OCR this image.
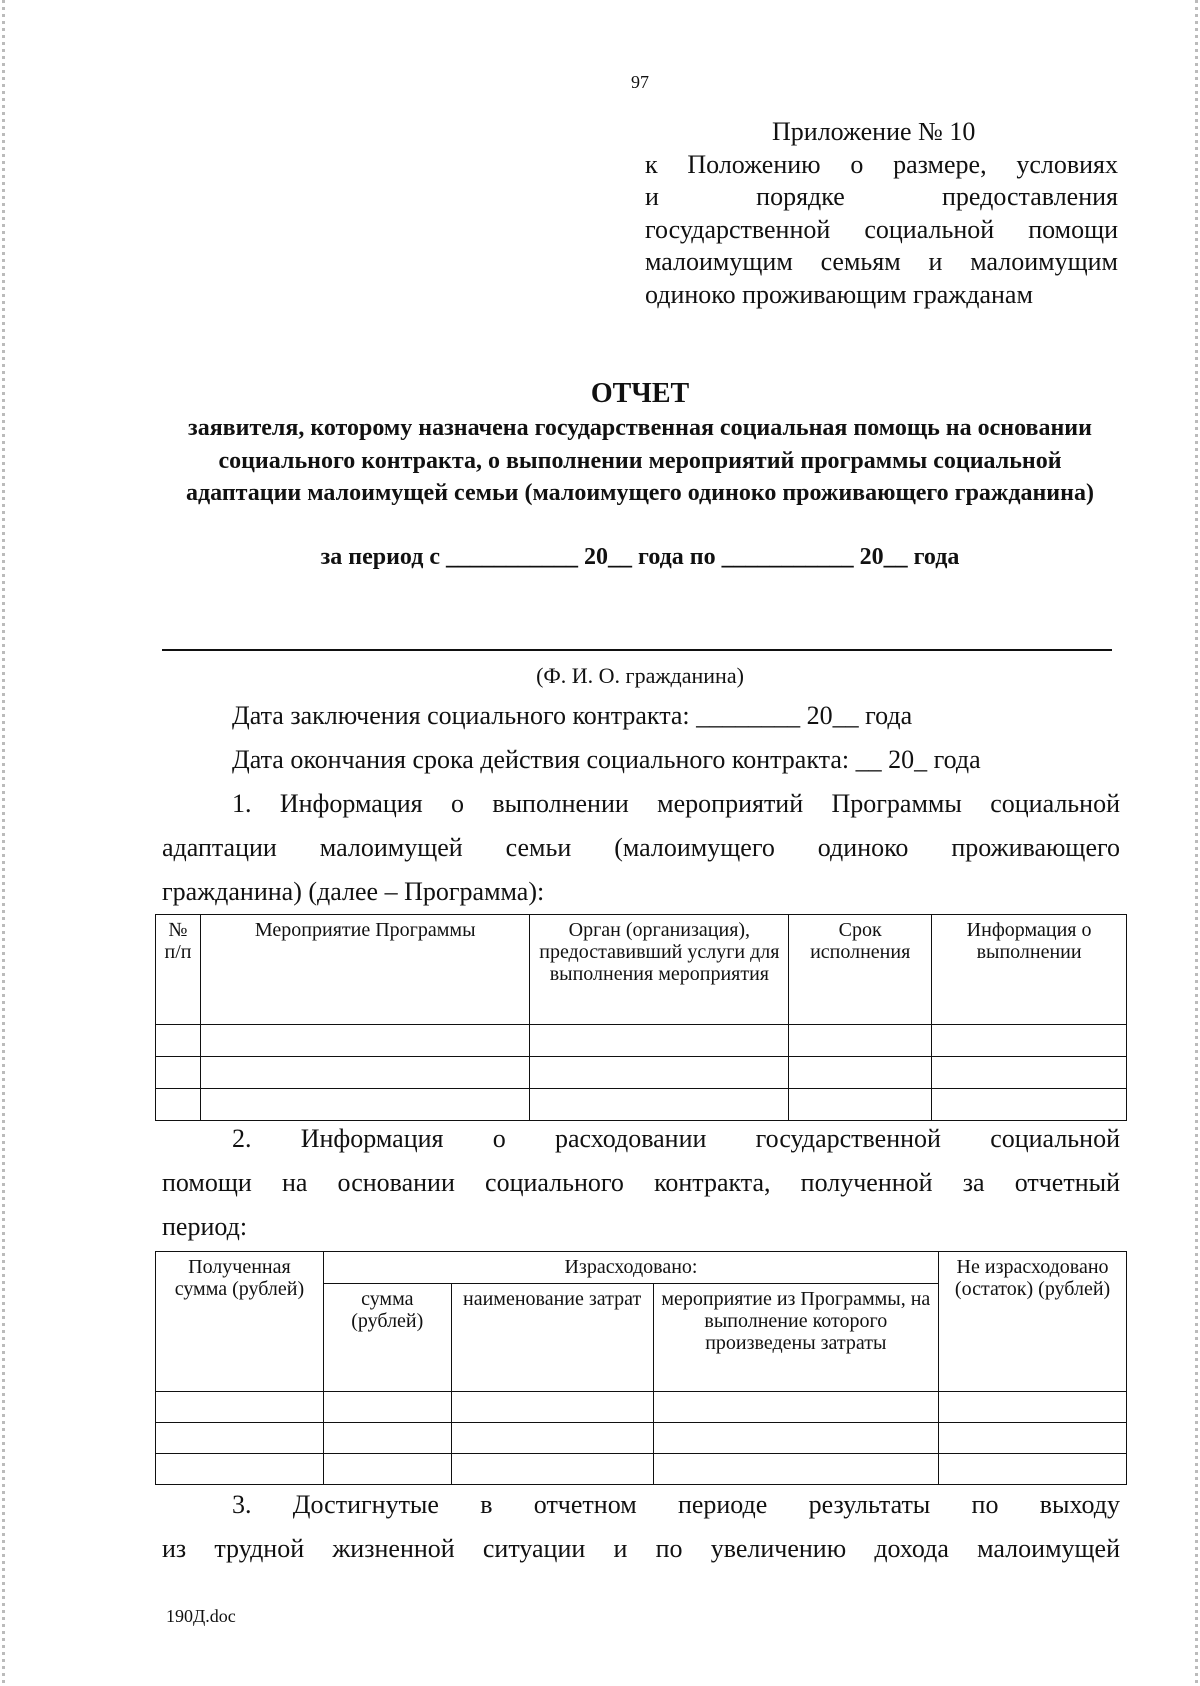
97
Приложение № 10
к Положению о размере, условиях
и порядке предоставления
государственной социальной помощи
малоимущим семьям и малоимущим
одиноко проживающим гражданам
ОТЧЕТ
заявителя, которому назначена государственная социальная помощь на основании социального контракта, о выполнении мероприятий программы социальной адаптации малоимущей семьи (малоимущего одиноко проживающего гражданина)
за период с ___________ 20__ года по ___________ 20__ года
(Ф. И. О. гражданина)
Дата заключения социального контракта: ________ 20__ года
Дата окончания срока действия социального контракта: __ 20_ года
1. Информация о выполнении мероприятий Программы социальной
адаптации малоимущей семьи (малоимущего одиноко проживающего
гражданина) (далее – Программа):
№ п/п	Мероприятие Программы	Орган (организация), предоставивший услуги для выполнения мероприятия	Срок исполнения	Информация о выполнении

2. Информация о расходовании государственной социальной
помощи на основании социального контракта, полученной за отчетный
период:
Полученная сумма (рублей)	Израсходовано:			Не израсходовано (остаток) (рублей)
	сумма (рублей)	наименование затрат	мероприятие из Программы, на выполнение которого произведены затраты	

3. Достигнутые в отчетном периоде результаты по выходу
из трудной жизненной ситуации и по увеличению дохода малоимущей
190Д.doc
